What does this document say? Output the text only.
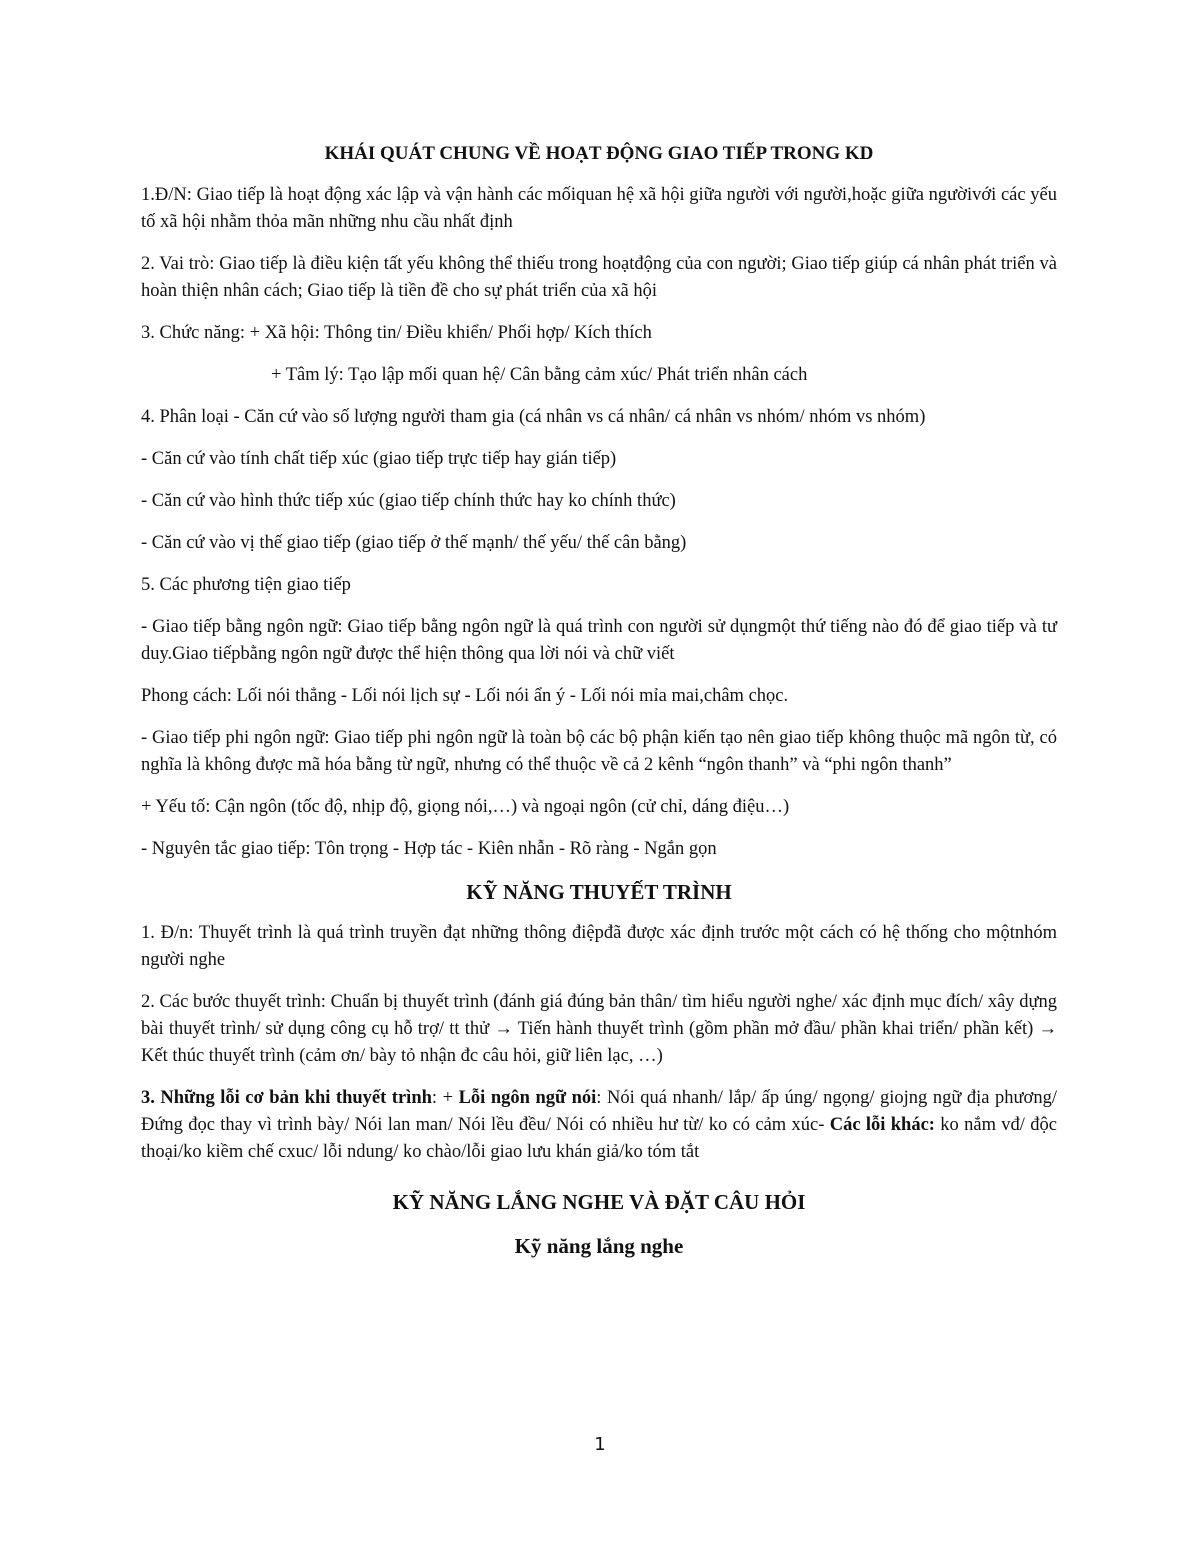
KHÁI QUÁT CHUNG VỀ HOẠT ĐỘNG GIAO TIẾP TRONG KD

1.Đ/N: Giao tiếp là hoạt động xác lập và vận hành các mốiquan hệ xã hội giữa người với người,hoặc giữa ngườivới các yếu tố xã hội nhằm thỏa mãn những nhu cầu nhất định

2. Vai trò: Giao tiếp là điều kiện tất yếu không thể thiếu trong hoạtđộng của con người; Giao tiếp giúp cá nhân phát triển và hoàn thiện nhân cách; Giao tiếp là tiền đề cho sự phát triển của xã hội

3. Chức năng: + Xã hội: Thông tin/ Điều khiển/ Phối hợp/ Kích thích

+ Tâm lý: Tạo lập mối quan hệ/ Cân bằng cảm xúc/ Phát triển nhân cách

4. Phân loại - Căn cứ vào số lượng người tham gia (cá nhân vs cá nhân/ cá nhân vs nhóm/ nhóm vs nhóm)

- Căn cứ vào tính chất tiếp xúc (giao tiếp trực tiếp hay gián tiếp)

- Căn cứ vào hình thức tiếp xúc (giao tiếp chính thức hay ko chính thức)

- Căn cứ vào vị thế giao tiếp (giao tiếp ở thế mạnh/ thế yếu/ thế cân bằng)

5. Các phương tiện giao tiếp

- Giao tiếp bằng ngôn ngữ: Giao tiếp bằng ngôn ngữ là quá trình con người sử dụngmột thứ tiếng nào đó để giao tiếp và tư duy.Giao tiếpbằng ngôn ngữ được thể hiện thông qua lời nói và chữ viết

Phong cách: Lối nói thẳng - Lối nói lịch sự - Lối nói ẩn ý - Lối nói mỉa mai,châm chọc.

- Giao tiếp phi ngôn ngữ: Giao tiếp phi ngôn ngữ là toàn bộ các bộ phận kiến tạo nên giao tiếp không thuộc mã ngôn từ, có nghĩa là không được mã hóa bằng từ ngữ, nhưng có thể thuộc về cả 2 kênh “ngôn thanh” và “phi ngôn thanh”

+ Yếu tố: Cận ngôn (tốc độ, nhịp độ, giọng nói,…) và ngoại ngôn (cử chỉ, dáng điệu…)

- Nguyên tắc giao tiếp: Tôn trọng - Hợp tác - Kiên nhẫn - Rõ ràng - Ngắn gọn

KỸ NĂNG THUYẾT TRÌNH

1. Đ/n: Thuyết trình là quá trình truyền đạt những thông điệpđã được xác định trước một cách có hệ thống cho mộtnhóm người nghe

2. Các bước thuyết trình: Chuẩn bị thuyết trình (đánh giá đúng bản thân/ tìm hiểu người nghe/ xác định mục đích/ xây dựng bài thuyết trình/ sử dụng công cụ hỗ trợ/ tt thử → Tiến hành thuyết trình (gồm phần mở đầu/ phần khai triển/ phần kết) → Kết thúc thuyết trình (cảm ơn/ bày tỏ nhận đc câu hỏi, giữ liên lạc, …)

3. Những lỗi cơ bản khi thuyết trình: + Lỗi ngôn ngữ nói: Nói quá nhanh/ lắp/ ấp úng/ ngọng/ giojng ngữ địa phương/ Đứng đọc thay vì trình bày/ Nói lan man/ Nói lều đều/ Nói có nhiều hư từ/ ko có cảm xúc- Các lỗi khác: ko nắm vđ/ độc thoại/ko kiềm chế cxuc/ lỗi ndung/ ko chào/lỗi giao lưu khán giả/ko tóm tắt

KỸ NĂNG LẮNG NGHE VÀ ĐẶT CÂU HỎI

Kỹ năng lắng nghe

1
